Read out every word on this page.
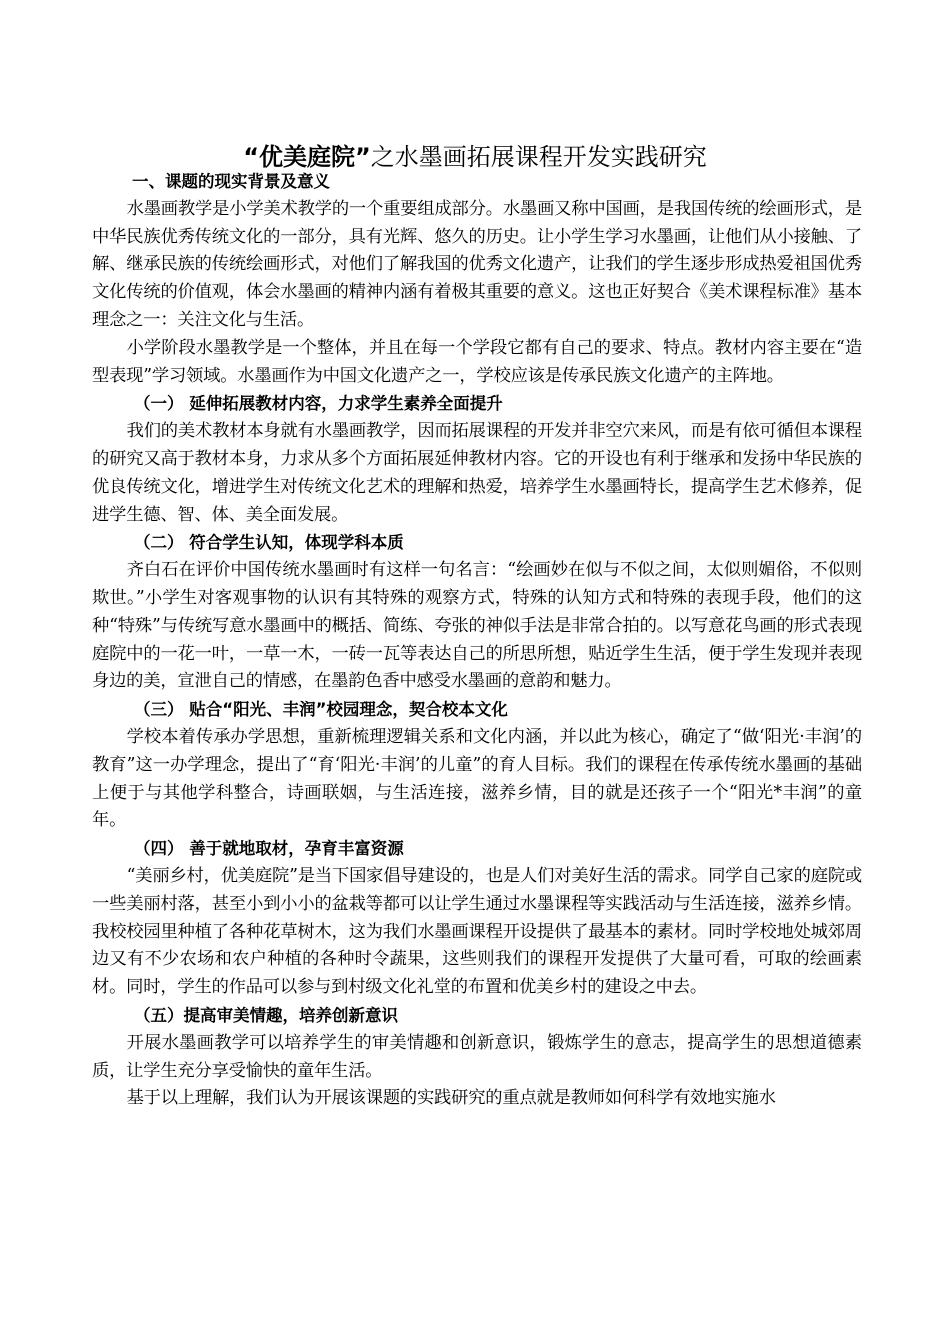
“优美庭院”之水墨画拓展课程开发实践研究
一、课题的现实背景及意义
水墨画教学是小学美术教学的一个重要组成部分。水墨画又称中国画，是我国传统的绘画形式，是中华民族优秀传统文化的一部分，具有光辉、悠久的历史。让小学生学习水墨画，让他们从小接触、了解、继承民族的传统绘画形式，对他们了解我国的优秀文化遗产，让我们的学生逐步形成热爱祖国优秀文化传统的价值观，体会水墨画的精神内涵有着极其重要的意义。这也正好契合《美术课程标准》基本理念之一：关注文化与生活。
小学阶段水墨教学是一个整体，并且在每一个学段它都有自己的要求、特点。教材内容主要在“造型表现”学习领域。水墨画作为中国文化遗产之一，学校应该是传承民族文化遗产的主阵地。
（一） 延伸拓展教材内容，力求学生素养全面提升
我们的美术教材本身就有水墨画教学，因而拓展课程的开发并非空穴来风，而是有依可循但本课程的研究又高于教材本身，力求从多个方面拓展延伸教材内容。它的开设也有利于继承和发扬中华民族的优良传统文化，增进学生对传统文化艺术的理解和热爱，培养学生水墨画特长，提高学生艺术修养，促进学生德、智、体、美全面发展。
（二） 符合学生认知，体现学科本质
齐白石在评价中国传统水墨画时有这样一句名言：“绘画妙在似与不似之间，太似则媚俗，不似则欺世。”小学生对客观事物的认识有其特殊的观察方式，特殊的认知方式和特殊的表现手段，他们的这种“特殊”与传统写意水墨画中的概括、简练、夸张的神似手法是非常合拍的。以写意花鸟画的形式表现庭院中的一花一叶，一草一木，一砖一瓦等表达自己的所思所想，贴近学生生活，便于学生发现并表现身边的美，宣泄自己的情感，在墨韵色香中感受水墨画的意韵和魅力。
（三） 贴合“阳光、丰润”校园理念，契合校本文化
学校本着传承办学思想，重新梳理逻辑关系和文化内涵，并以此为核心，确定了“做‘阳光·丰润’的教育”这一办学理念，提出了“育‘阳光·丰润’的儿童”的育人目标。我们的课程在传承传统水墨画的基础上便于与其他学科整合，诗画联姻，与生活连接，滋养乡情，目的就是还孩子一个“阳光*丰润”的童年。
（四） 善于就地取材，孕育丰富资源
“美丽乡村，优美庭院”是当下国家倡导建设的，也是人们对美好生活的需求。同学自己家的庭院或一些美丽村落，甚至小到小小的盆栽等都可以让学生通过水墨课程等实践活动与生活连接，滋养乡情。我校校园里种植了各种花草树木，这为我们水墨画课程开设提供了最基本的素材。同时学校地处城郊周边又有不少农场和农户种植的各种时令蔬果，这些则我们的课程开发提供了大量可看，可取的绘画素材。同时，学生的作品可以参与到村级文化礼堂的布置和优美乡村的建设之中去。
（五）提高审美情趣，培养创新意识
开展水墨画教学可以培养学生的审美情趣和创新意识，锻炼学生的意志，提高学生的思想道德素质，让学生充分享受愉快的童年生活。
基于以上理解，我们认为开展该课题的实践研究的重点就是教师如何科学有效地实施水
